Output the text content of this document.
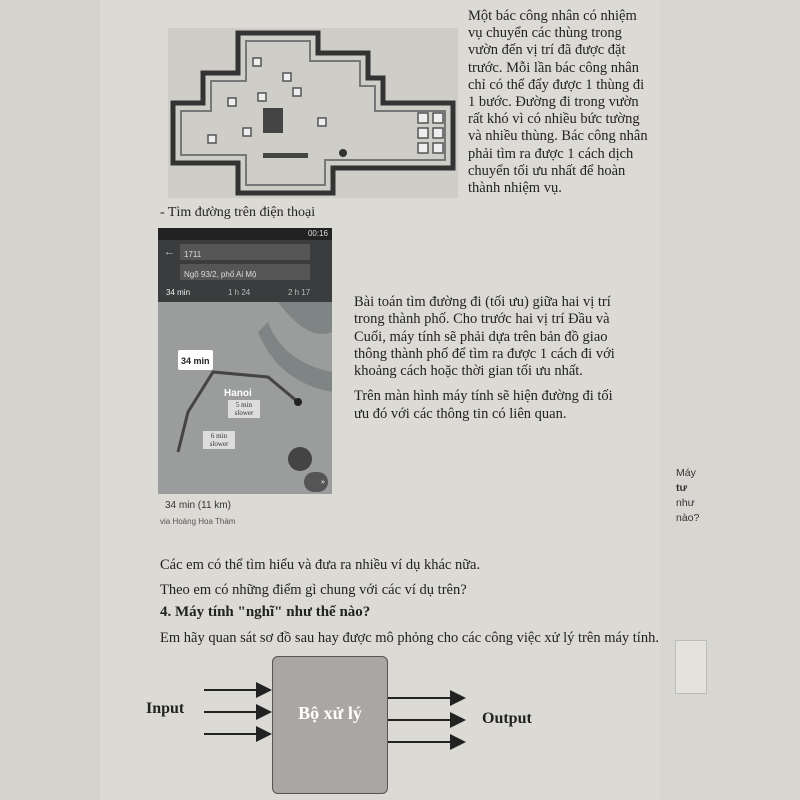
Một bác công nhân có nhiệm vụ chuyển các thùng trong vườn đến vị trí đã được đặt trước. Mỗi lần bác công nhân chỉ có thể đẩy được 1 thùng đi 1 bước. Đường đi trong vườn rất khó vì có nhiều bức tường và nhiều thùng. Bác công nhân phải tìm ra được 1 cách dịch chuyển tối ưu nhất để hoàn thành nhiệm vụ.
- Tìm đường trên điện thoại
00:16
←	1711
Ngõ 93/2, phố Ai Mộ
34 min	1 h 24	2 h 17
»
34 min
5 min slower
6 min slower
Hanoi
34 min (11 km)
via Hoàng Hoa Thám

Bài toán tìm đường đi (tối ưu) giữa hai vị trí trong thành phố. Cho trước hai vị trí Đầu và Cuối, máy tính sẽ phải dựa trên bản đồ giao thông thành phố để tìm ra được 1 cách đi với khoảng cách hoặc thời gian tối ưu nhất.

Trên màn hình máy tính sẽ hiện đường đi tối ưu đó với các thông tin có liên quan.

Máy
tư
như
nào?
Các em có thể tìm hiểu và đưa ra nhiều ví dụ khác nữa.
Theo em có những điểm gì chung với các ví dụ trên?
4. Máy tính "nghĩ" như thế nào?
Em hãy quan sát sơ đồ sau hay được mô phỏng cho các công việc xử lý trên máy tính.
Bộ xử lý
Input
Output
